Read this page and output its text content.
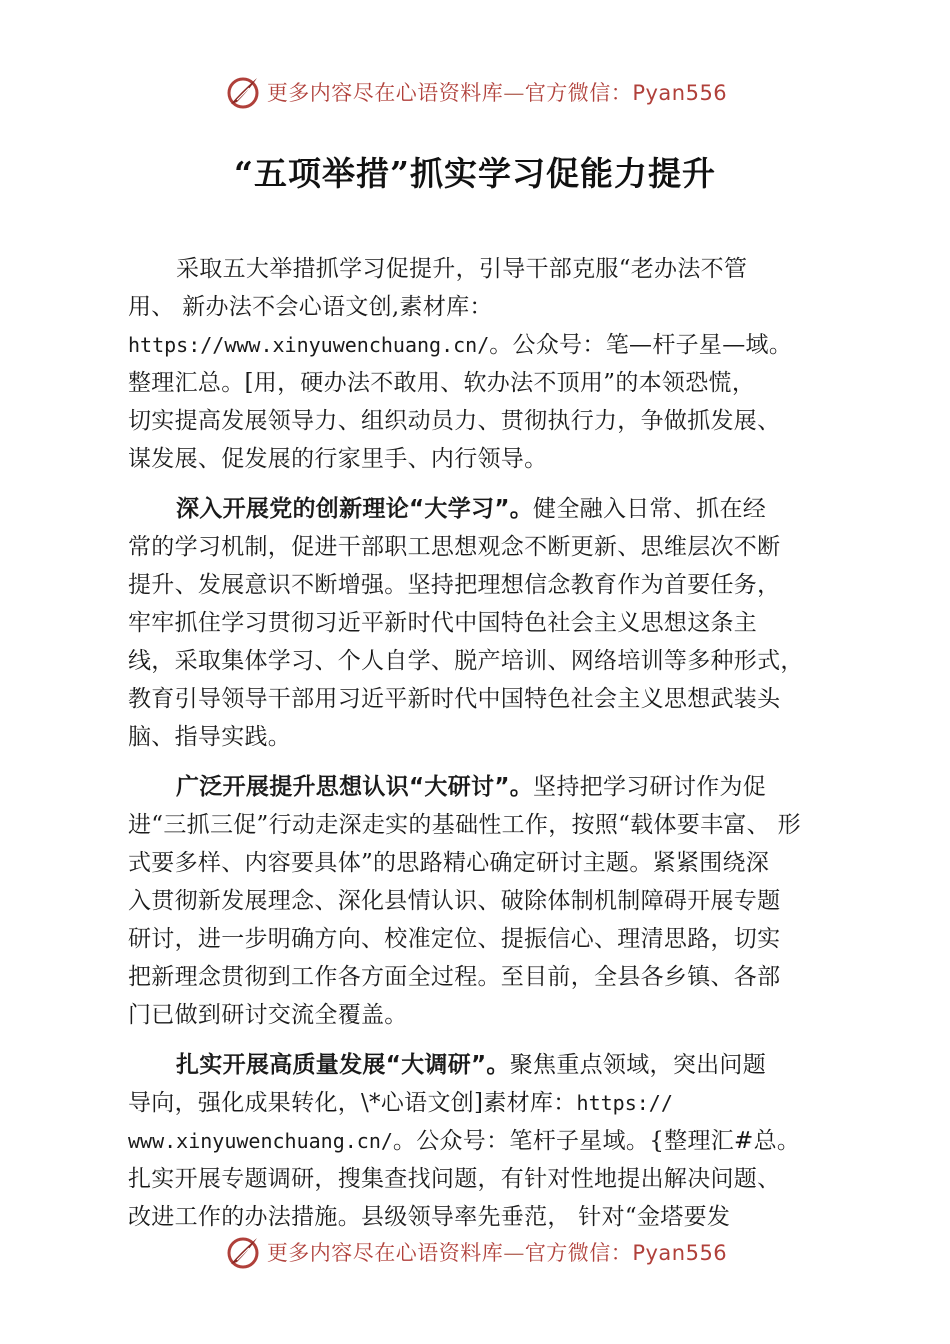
更多内容尽在心语资料库—官方微信：Pyan556
“五项举措”抓实学习促能力提升
采取五大举措抓学习促提升，引导干部克服“老办法不管
用、 新办法不会心语文创,素材库：
https://www.xinyuwenchuang.cn/。公众号：笔—杆子星—域。
整理汇总。[用，硬办法不敢用、软办法不顶用”的本领恐慌，
切实提高发展领导力、组织动员力、贯彻执行力，争做抓发展、
谋发展、促发展的行家里手、内行领导。
深入开展党的创新理论“大学习”。健全融入日常、抓在经
常的学习机制，促进干部职工思想观念不断更新、思维层次不断
提升、发展意识不断增强。坚持把理想信念教育作为首要任务，
牢牢抓住学习贯彻习近平新时代中国特色社会主义思想这条主
线，采取集体学习、个人自学、脱产培训、网络培训等多种形式，
教育引导领导干部用习近平新时代中国特色社会主义思想武装头
脑、指导实践。
广泛开展提升思想认识“大研讨”。坚持把学习研讨作为促
进“三抓三促”行动走深走实的基础性工作，按照“载体要丰富、 形
式要多样、内容要具体”的思路精心确定研讨主题。紧紧围绕深
入贯彻新发展理念、深化县情认识、破除体制机制障碍开展专题
研讨，进一步明确方向、校准定位、提振信心、理清思路，切实
把新理念贯彻到工作各方面全过程。至目前，全县各乡镇、各部
门已做到研讨交流全覆盖。
扎实开展高质量发展“大调研”。聚焦重点领域，突出问题
导向，强化成果转化，\*心语文创]素材库：https://
www.xinyuwenchuang.cn/。公众号：笔杆子星域。{整理汇#总。
扎实开展专题调研，搜集查找问题，有针对性地提出解决问题、
改进工作的办法措施。县级领导率先垂范， 针对“金塔要发
更多内容尽在心语资料库—官方微信：Pyan556
